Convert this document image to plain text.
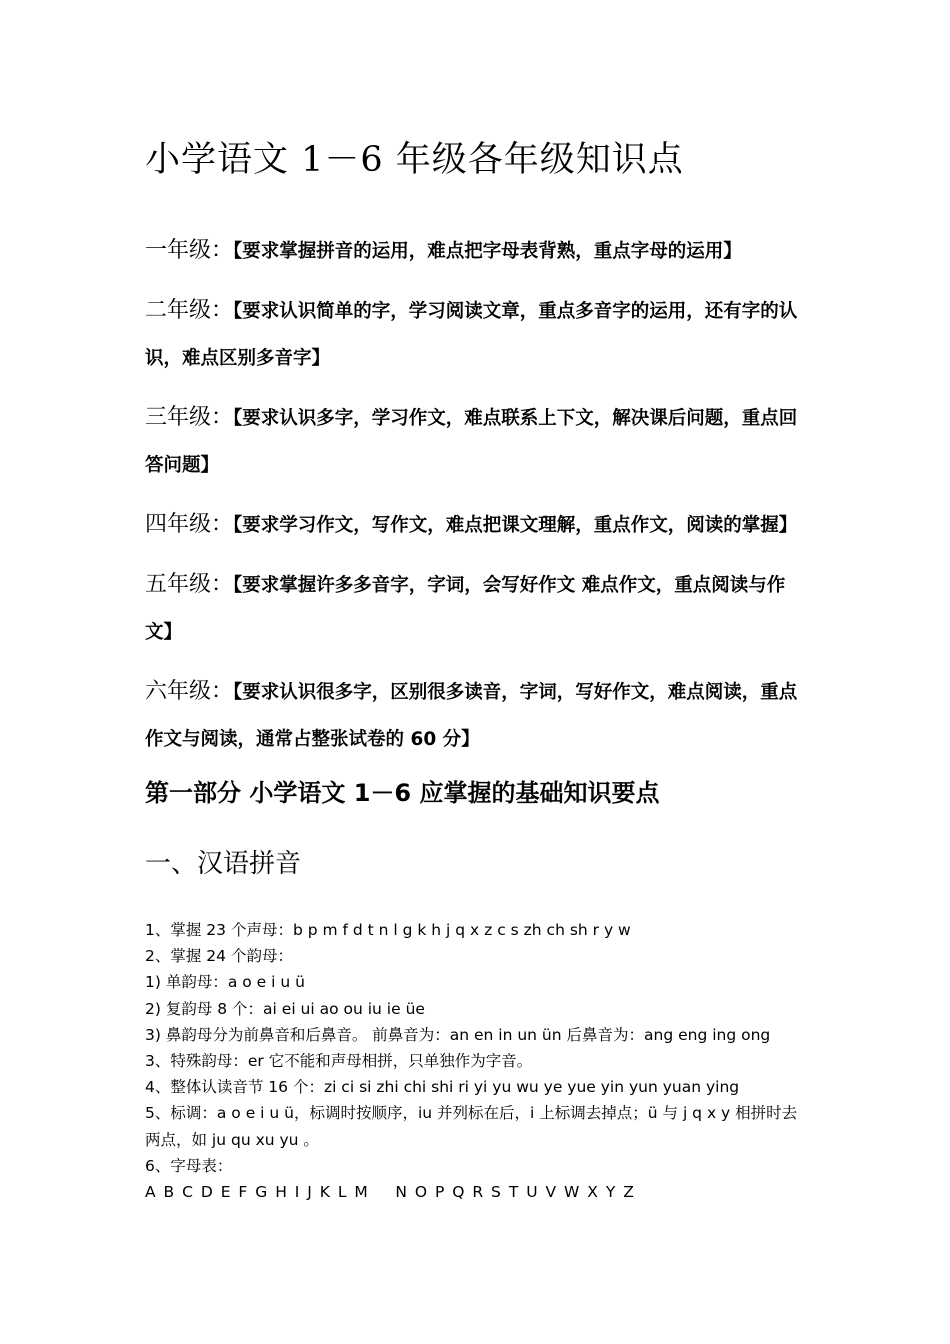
小学语文 1－6 年级各年级知识点

一年级：【要求掌握拼音的运用，难点把字母表背熟，重点字母的运用】

二年级：【要求认识简单的字，学习阅读文章，重点多音字的运用，还有字的认识，难点区别多音字】

三年级：【要求认识多字，学习作文，难点联系上下文，解决课后问题，重点回答问题】

四年级：【要求学习作文，写作文，难点把课文理解，重点作文，阅读的掌握】

五年级：【要求掌握许多多音字，字词，会写好作文 难点作文，重点阅读与作文】

六年级：【要求认识很多字，区别很多读音，字词，写好作文，难点阅读，重点作文与阅读，通常占整张试卷的 60 分】

第一部分 小学语文 1－6 应掌握的基础知识要点
一、汉语拼音

1、掌握 23 个声母：b p m f d t n l g k h j q x z c s zh ch sh r y w

2、掌握 24 个韵母：

1) 单韵母：a o e i u ü

2) 复韵母 8 个：ai ei ui ao ou iu ie üe

3) 鼻韵母分为前鼻音和后鼻音。 前鼻音为：an en in un ün 后鼻音为：ang eng ing ong

3、特殊韵母：er 它不能和声母相拼，只单独作为字音。

4、整体认读音节 16 个：zi ci si zhi chi shi ri yi yu wu ye yue yin yun yuan ying

5、标调：a o e i u ü，标调时按顺序，iu 并列标在后，i 上标调去掉点；ü 与 j q x y 相拼时去两点，如 ju qu xu yu 。

6、字母表：

A B C D E F G H I J K L M N O P Q R S T U V W X Y Z
